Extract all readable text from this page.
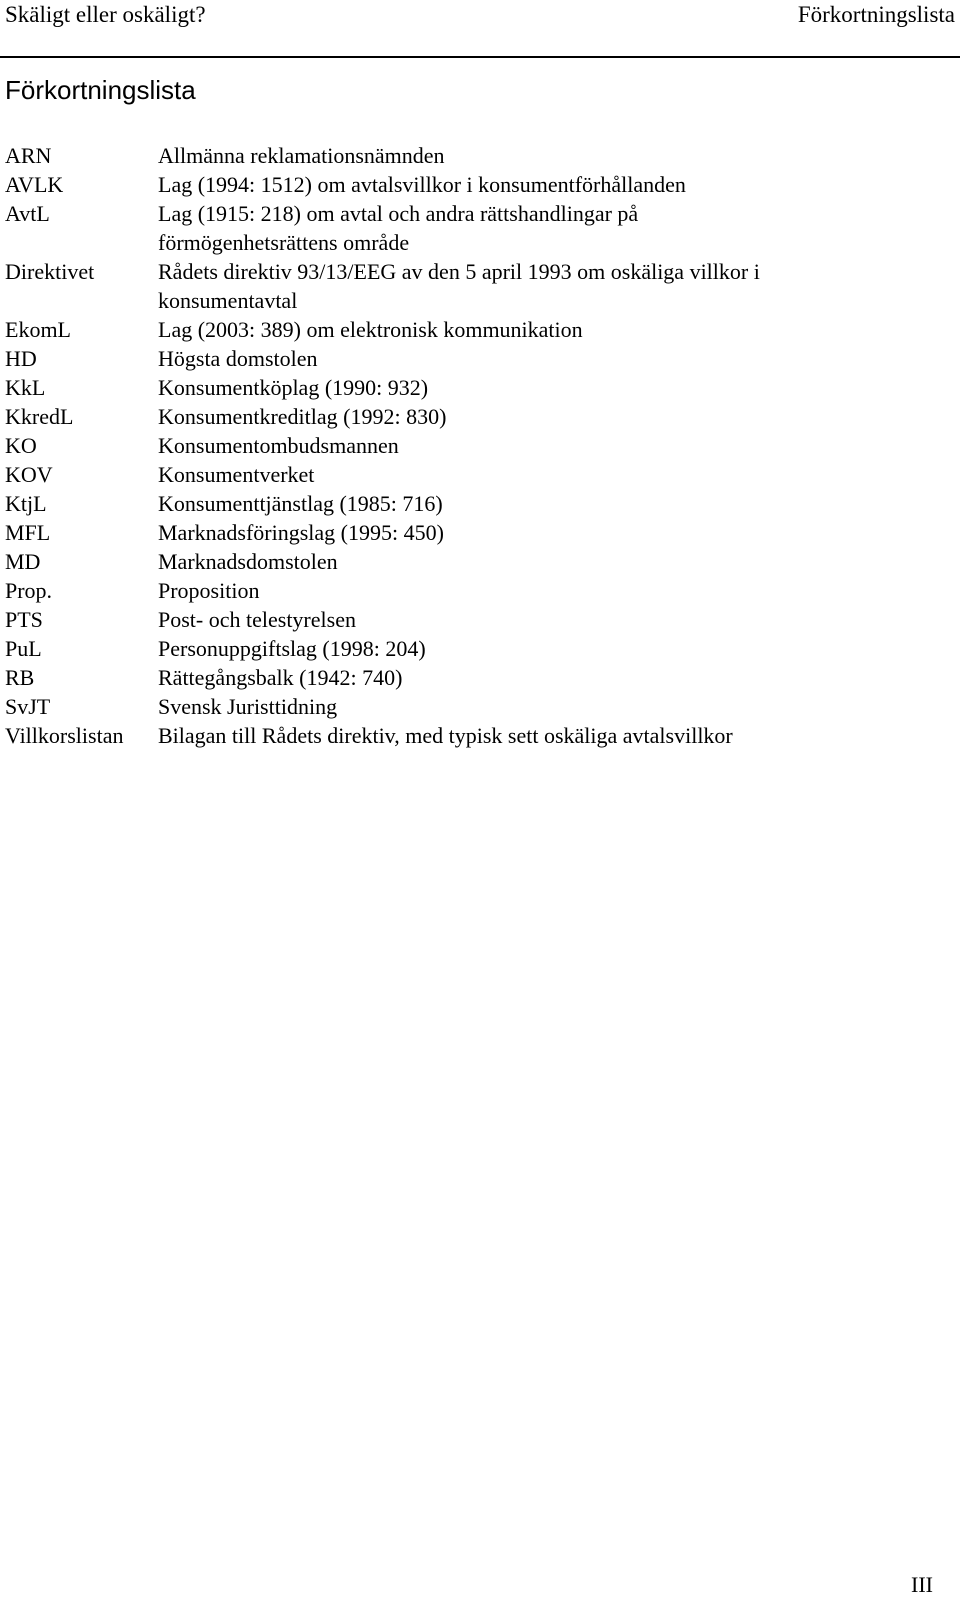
Skäligt eller oskäligt?	Förkortningslista
Förkortningslista
ARN	Allmänna reklamationsnämnden
AVLK	Lag (1994: 1512) om avtalsvillkor i konsumentförhållanden
AvtL	Lag (1915: 218) om avtal och andra rättshandlingar på förmögenhetsrättens område
Direktivet	Rådets direktiv 93/13/EEG av den 5 april 1993 om oskäliga villkor i konsumentavtal
EkomL	Lag (2003: 389) om elektronisk kommunikation
HD	Högsta domstolen
KkL	Konsumentköplag (1990: 932)
KkredL	Konsumentkreditlag (1992: 830)
KO	Konsumentombudsmannen
KOV	Konsumentverket
KtjL	Konsumenttjänstlag (1985: 716)
MFL	Marknadsföringslag (1995: 450)
MD	Marknadsdomstolen
Prop.	Proposition
PTS	Post- och telestyrelsen
PuL	Personuppgiftslag (1998: 204)
RB	Rättegångsbalk (1942: 740)
SvJT	Svensk Juristtidning
Villkorslistan	Bilagan till Rådets direktiv, med typisk sett oskäliga avtalsvillkor
III
